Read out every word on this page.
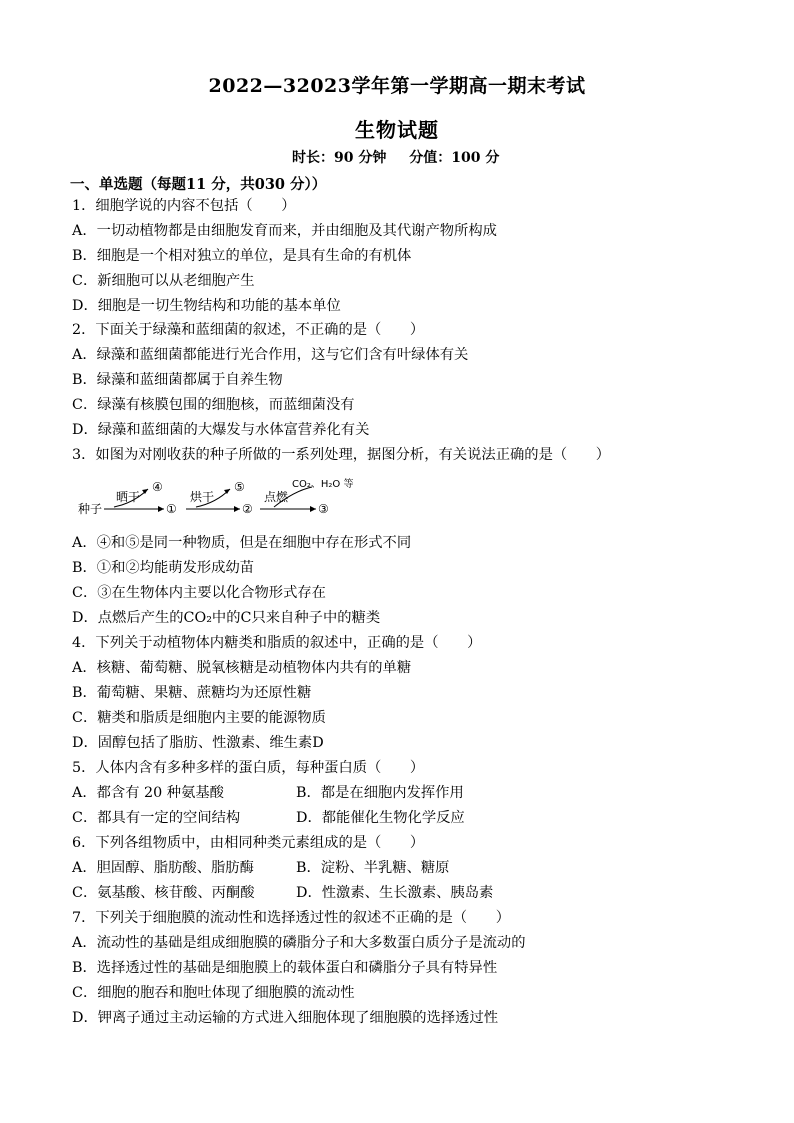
2022—32023学年第一学期高一期末考试
生物试题
时长：90 分钟 分值：100 分
一、单选题（每题11 分，共030 分））
1．细胞学说的内容不包括（　　）
A．一切动植物都是由细胞发育而来，并由细胞及其代谢产物所构成
B．细胞是一个相对独立的单位，是具有生命的有机体
C．新细胞可以从老细胞产生
D．细胞是一切生物结构和功能的基本单位
2．下面关于绿藻和蓝细菌的叙述，不正确的是（　　）
A．绿藻和蓝细菌都能进行光合作用，这与它们含有叶绿体有关
B．绿藻和蓝细菌都属于自养生物
C．绿藻有核膜包围的细胞核，而蓝细菌没有
D．绿藻和蓝细菌的大爆发与水体富营养化有关
3．如图为对刚收获的种子所做的一系列处理，据图分析，有关说法正确的是（　　）
种子
晒干
④
①
烘干
⑤
②
点燃
CO₂、H₂O 等
③
A．④和⑤是同一种物质，但是在细胞中存在形式不同
B．①和②均能萌发形成幼苗
C．③在生物体内主要以化合物形式存在
D．点燃后产生的CO₂中的C只来自种子中的糖类
4．下列关于动植物体内糖类和脂质的叙述中，正确的是（　　）
A．核糖、葡萄糖、脱氧核糖是动植物体内共有的单糖
B．葡萄糖、果糖、蔗糖均为还原性糖
C．糖类和脂质是细胞内主要的能源物质
D．固醇包括了脂肪、性激素、维生素D
5．人体内含有多种多样的蛋白质，每种蛋白质（　　）
A．都含有 20 种氨基酸	B．都是在细胞内发挥作用
C．都具有一定的空间结构	D．都能催化生物化学反应
6．下列各组物质中，由相同种类元素组成的是（　　）
A．胆固醇、脂肪酸、脂肪酶	B．淀粉、半乳糖、糖原
C．氨基酸、核苷酸、丙酮酸	D．性激素、生长激素、胰岛素
7．下列关于细胞膜的流动性和选择透过性的叙述不正确的是（　　）
A．流动性的基础是组成细胞膜的磷脂分子和大多数蛋白质分子是流动的
B．选择透过性的基础是细胞膜上的载体蛋白和磷脂分子具有特异性
C．细胞的胞吞和胞吐体现了细胞膜的流动性
D．钾离子通过主动运输的方式进入细胞体现了细胞膜的选择透过性
